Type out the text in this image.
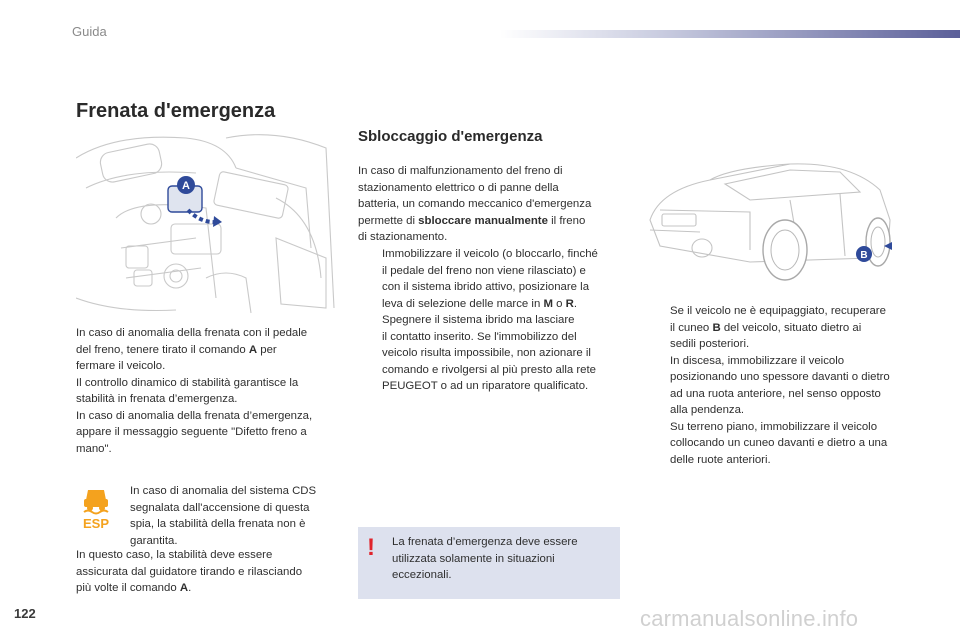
Guida
Frenata d'emergenza
A
In caso di anomalia della frenata con il pedale
del freno, tenere tirato il comando A per
fermare il veicolo.
Il controllo dinamico di stabilità garantisce la
stabilità in frenata d’emergenza.
In caso di anomalia della frenata d’emergenza,
appare il messaggio seguente "Difetto freno a
mano".
ESP
In caso di anomalia del sistema CDS
segnalata dall'accensione di questa
spia, la stabilità della frenata non è
garantita.
In questo caso, la stabilità deve essere
assicurata dal guidatore tirando e rilasciando
più volte il comando A.
Sbloccaggio d'emergenza
In caso di malfunzionamento del freno di
stazionamento elettrico o di panne della
batteria, un comando meccanico d'emergenza
permette di sbloccare manualmente il freno
di stazionamento.
Immobilizzare il veicolo (o bloccarlo, finché
il pedale del freno non viene rilasciato) e
con il sistema ibrido attivo, posizionare la
leva di selezione delle marce in M o R.
Spegnere il sistema ibrido ma lasciare
il contatto inserito. Se l'immobilizzo del
veicolo risulta impossibile, non azionare il
comando e rivolgersi al più presto alla rete
PEUGEOT o ad un riparatore qualificato.
! La frenata d’emergenza deve essere
utilizzata solamente in situazioni
eccezionali.
B
Se il veicolo ne è equipaggiato, recuperare
il cuneo B del veicolo, situato dietro ai
sedili posteriori.
In discesa, immobilizzare il veicolo
posizionando uno spessore davanti o dietro
ad una ruota anteriore, nel senso opposto
alla pendenza.
Su terreno piano, immobilizzare il veicolo
collocando un cuneo davanti e dietro a una
delle ruote anteriori.
122	carmanualsonline.info
